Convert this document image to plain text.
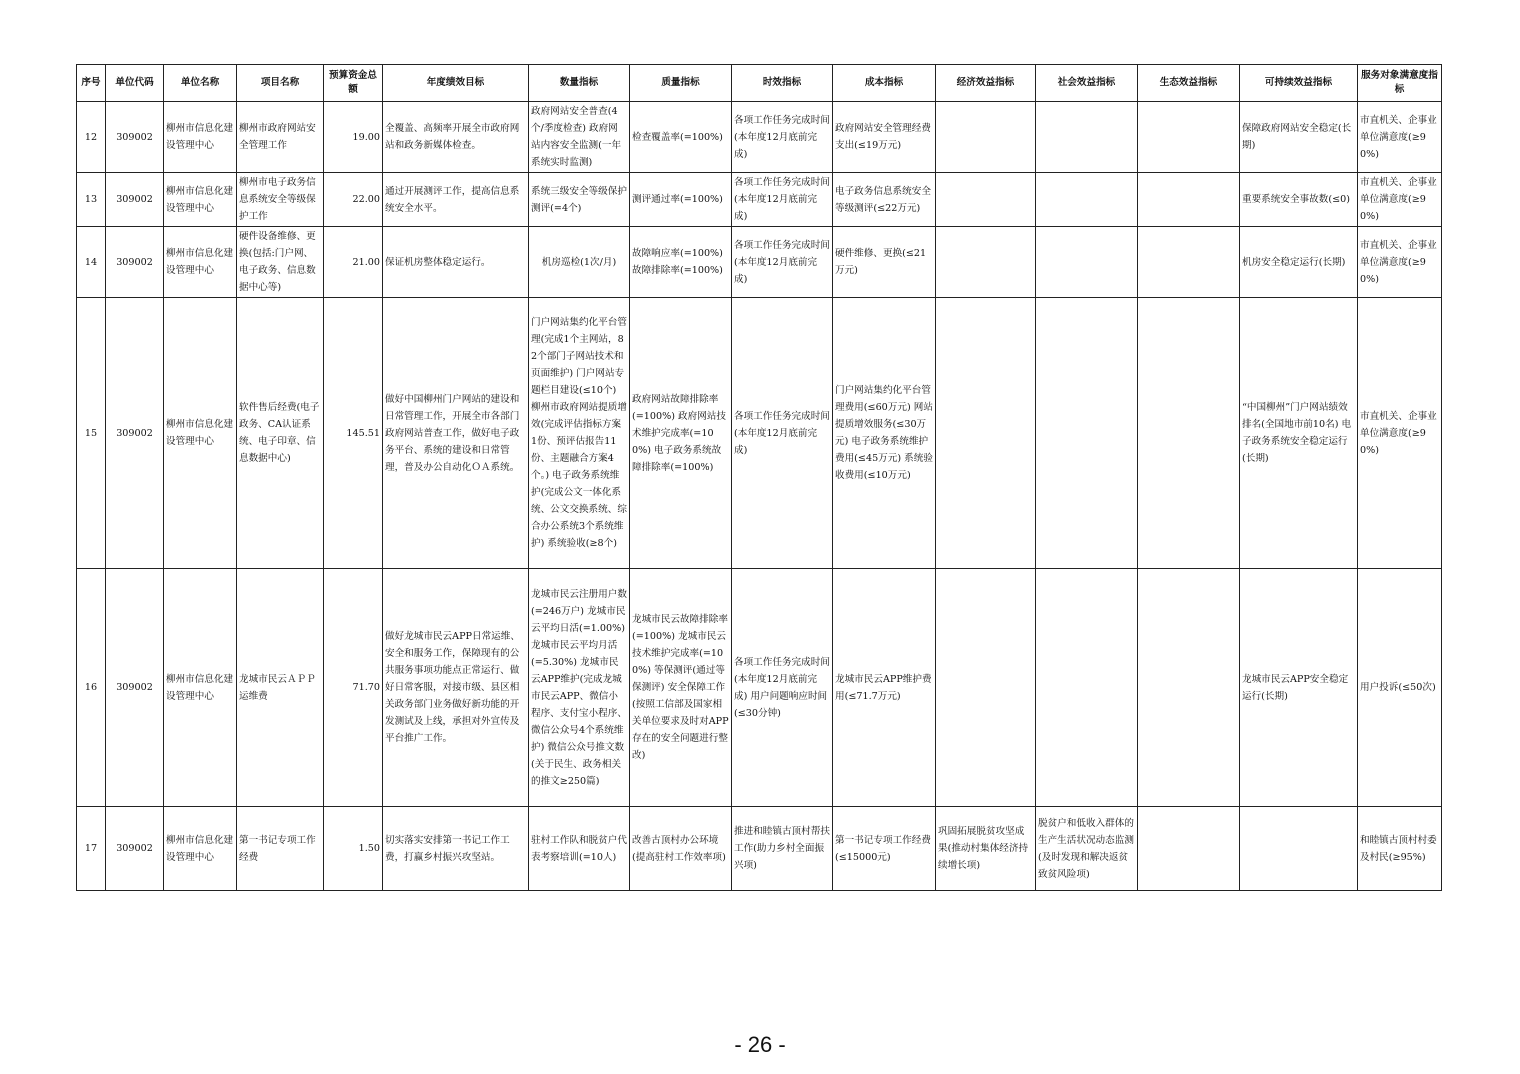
序号	单位代码	单位名称	项目名称	预算资金总额	年度绩效目标	数量指标	质量指标	时效指标	成本指标	经济效益指标	社会效益指标	生态效益指标	可持续效益指标	服务对象满意度指标
12	309002	柳州市信息化建设管理中心	柳州市政府网站安全管理工作	19.00	全覆盖、高频率开展全市政府网站和政务新媒体检查。	政府网站安全普查(4个/季度检查) 政府网站内容安全监测(一年系统实时监测)	检查覆盖率(=100%)	各项工作任务完成时间(本年度12月底前完成)	政府网站安全管理经费支出(≤19万元)				保障政府网站安全稳定(长期)	市直机关、企事业单位满意度(≥90%)
13	309002	柳州市信息化建设管理中心	柳州市电子政务信息系统安全等级保护工作	22.00	通过开展测评工作，提高信息系统安全水平。	系统三级安全等级保护测评(=4个)	测评通过率(=100%)	各项工作任务完成时间(本年度12月底前完成)	电子政务信息系统安全等级测评(≤22万元)				重要系统安全事故数(≤0)	市直机关、企事业单位满意度(≥90%)
14	309002	柳州市信息化建设管理中心	硬件设备维修、更换(包括:门户网、电子政务、信息数据中心等)	21.00	保证机房整体稳定运行。	机房巡检(1次/月)	故障响应率(=100%) 故障排除率(=100%)	各项工作任务完成时间(本年度12月底前完成)	硬件维修、更换(≤21万元)				机房安全稳定运行(长期)	市直机关、企事业单位满意度(≥90%)
15	309002	柳州市信息化建设管理中心	软件售后经费(电子政务、CA认证系统、电子印章、信息数据中心)	145.51	做好中国柳州门户网站的建设和日常管理工作，开展全市各部门政府网站普查工作，做好电子政务平台、系统的建设和日常管理，普及办公自动化ＯＡ系统。	门户网站集约化平台管理(完成1个主网站，82个部门子网站技术和页面维护) 门户网站专题栏目建设(≤10个) 柳州市政府网站提质增效(完成评估指标方案1份、预评估报告11份、主题融合方案4个。) 电子政务系统维护(完成公文一体化系统、公文交换系统、综合办公系统3个系统维护) 系统验收(≥8个)	政府网站故障排除率(=100%) 政府网站技术维护完成率(=100%) 电子政务系统故障排除率(=100%)	各项工作任务完成时间(本年度12月底前完成)	门户网站集约化平台管理费用(≤60万元) 网站提质增效服务(≤30万元) 电子政务系统维护费用(≤45万元) 系统验收费用(≤10万元)				“中国柳州”门户网站绩效排名(全国地市前10名) 电子政务系统安全稳定运行(长期)	市直机关、企事业单位满意度(≥90%)
16	309002	柳州市信息化建设管理中心	龙城市民云ＡＰＰ运维费	71.70	做好龙城市民云APP日常运维、安全和服务工作，保障现有的公共服务事项功能点正常运行、做好日常客服，对接市级、县区相关政务部门业务做好新功能的开发测试及上线，承担对外宣传及平台推广工作。	龙城市民云注册用户数(=246万户) 龙城市民云平均日活(=1.00%) 龙城市民云平均月活(=5.30%) 龙城市民云APP维护(完成龙城市民云APP、微信小程序、支付宝小程序、微信公众号4个系统维护) 微信公众号推文数(关于民生、政务相关的推文≥250篇)	龙城市民云故障排除率(=100%) 龙城市民云技术维护完成率(=100%) 等保测评(通过等保测评) 安全保障工作(按照工信部及国家相关单位要求及时对APP存在的安全问题进行整改)	各项工作任务完成时间(本年度12月底前完成) 用户问题响应时间(≤30分钟)	龙城市民云APP维护费用(≤71.7万元)				龙城市民云APP安全稳定运行(长期)	用户投诉(≤50次)
17	309002	柳州市信息化建设管理中心	第一书记专项工作经费	1.50	切实落实安排第一书记工作工费，打赢乡村振兴攻坚站。	驻村工作队和脱贫户代表考察培训(=10人)	改善古顶村办公环境(提高驻村工作效率项)	推进和睦镇古顶村帮扶工作(助力乡村全面振兴项)	第一书记专项工作经费(≤15000元)	巩固拓展脱贫攻坚成果(推动村集体经济持续增长项)	脱贫户和低收入群体的生产生活状况动态监测(及时发现和解决返贫致贫风险项)			和睦镇古顶村村委及村民(≥95%)
- 26 -
